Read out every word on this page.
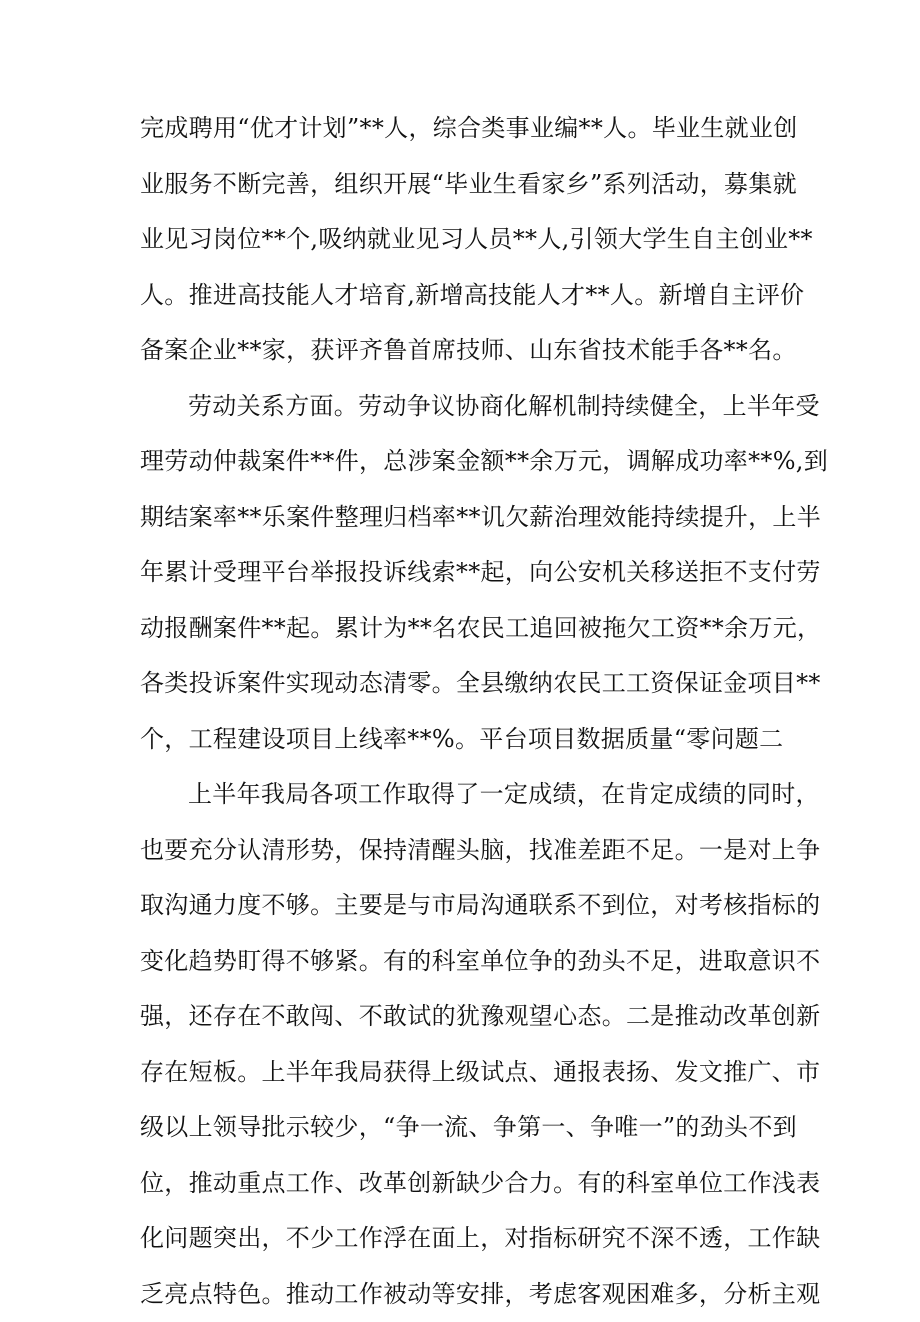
完成聘用“优才计划”**人，综合类事业编**人。毕业生就业创
业服务不断完善，组织开展“毕业生看家乡”系列活动，募集就
业见习岗位**个,吸纳就业见习人员**人,引领大学生自主创业**
人。推进高技能人才培育,新增高技能人才**人。新增自主评价
备案企业**家，获评齐鲁首席技师、山东省技术能手各**名。
劳动关系方面。劳动争议协商化解机制持续健全，上半年受
理劳动仲裁案件**件，总涉案金额**余万元，调解成功率**%,到
期结案率**乐案件整理归档率**讥欠薪治理效能持续提升，上半
年累计受理平台举报投诉线索**起，向公安机关移送拒不支付劳
动报酬案件**起。累计为**名农民工追回被拖欠工资**余万元，
各类投诉案件实现动态清零。全县缴纳农民工工资保证金项目**
个，工程建设项目上线率**%。平台项目数据质量“零问题二
上半年我局各项工作取得了一定成绩，在肯定成绩的同时，
也要充分认清形势，保持清醒头脑，找准差距不足。一是对上争
取沟通力度不够。主要是与市局沟通联系不到位，对考核指标的
变化趋势盯得不够紧。有的科室单位争的劲头不足，进取意识不
强，还存在不敢闯、不敢试的犹豫观望心态。二是推动改革创新
存在短板。上半年我局获得上级试点、通报表扬、发文推广、市
级以上领导批示较少，“争一流、争第一、争唯一”的劲头不到
位，推动重点工作、改革创新缺少合力。有的科室单位工作浅表
化问题突出，不少工作浮在面上，对指标研究不深不透，工作缺
乏亮点特色。推动工作被动等安排，考虑客观困难多，分析主观
